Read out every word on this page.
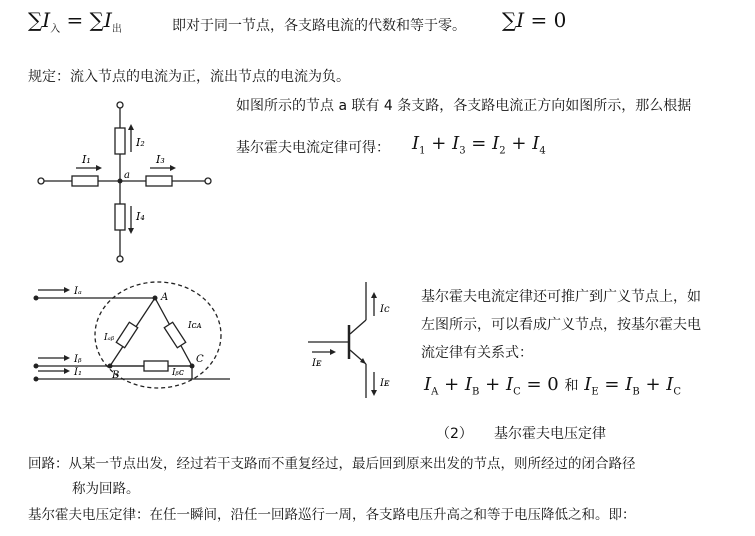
$\sum I_入 = \sum I_出$	即对于同一节点，各支路电流的代数和等于零。 ∑I = 0
规定：流入节点的电流为正，流出节点的电流为负。
如图所示的节点 a 联有 4 条支路，各支路电流正方向如图所示，那么根据
基尔霍夫电流定律可得： $I_1 + I_3 = I_2 + I_4$
I₁	I₃
I₂
I₄
a
Iₐ
Iᵦ
I₁
Iₐᵦ
Iᴄᴀ
Iᵦᴄ
A
B
C
Iᴄ
Iᴇ
Iᴇ
基尔霍夫电流定律还可推广到广义节点上，如
左图所示，可以看成广义节点，按基尔霍夫电
流定律有关系式：
$I_A + I_B + I_C = 0$ 和 $I_E = I_B + I_C$
（2） 基尔霍夫电压定律
回路：从某一节点出发，经过若干支路而不重复经过，最后回到原来出发的节点，则所经过的闭合路径
称为回路。
基尔霍夫电压定律：在任一瞬间，沿任一回路巡行一周，各支路电压升高之和等于电压降低之和。即：
